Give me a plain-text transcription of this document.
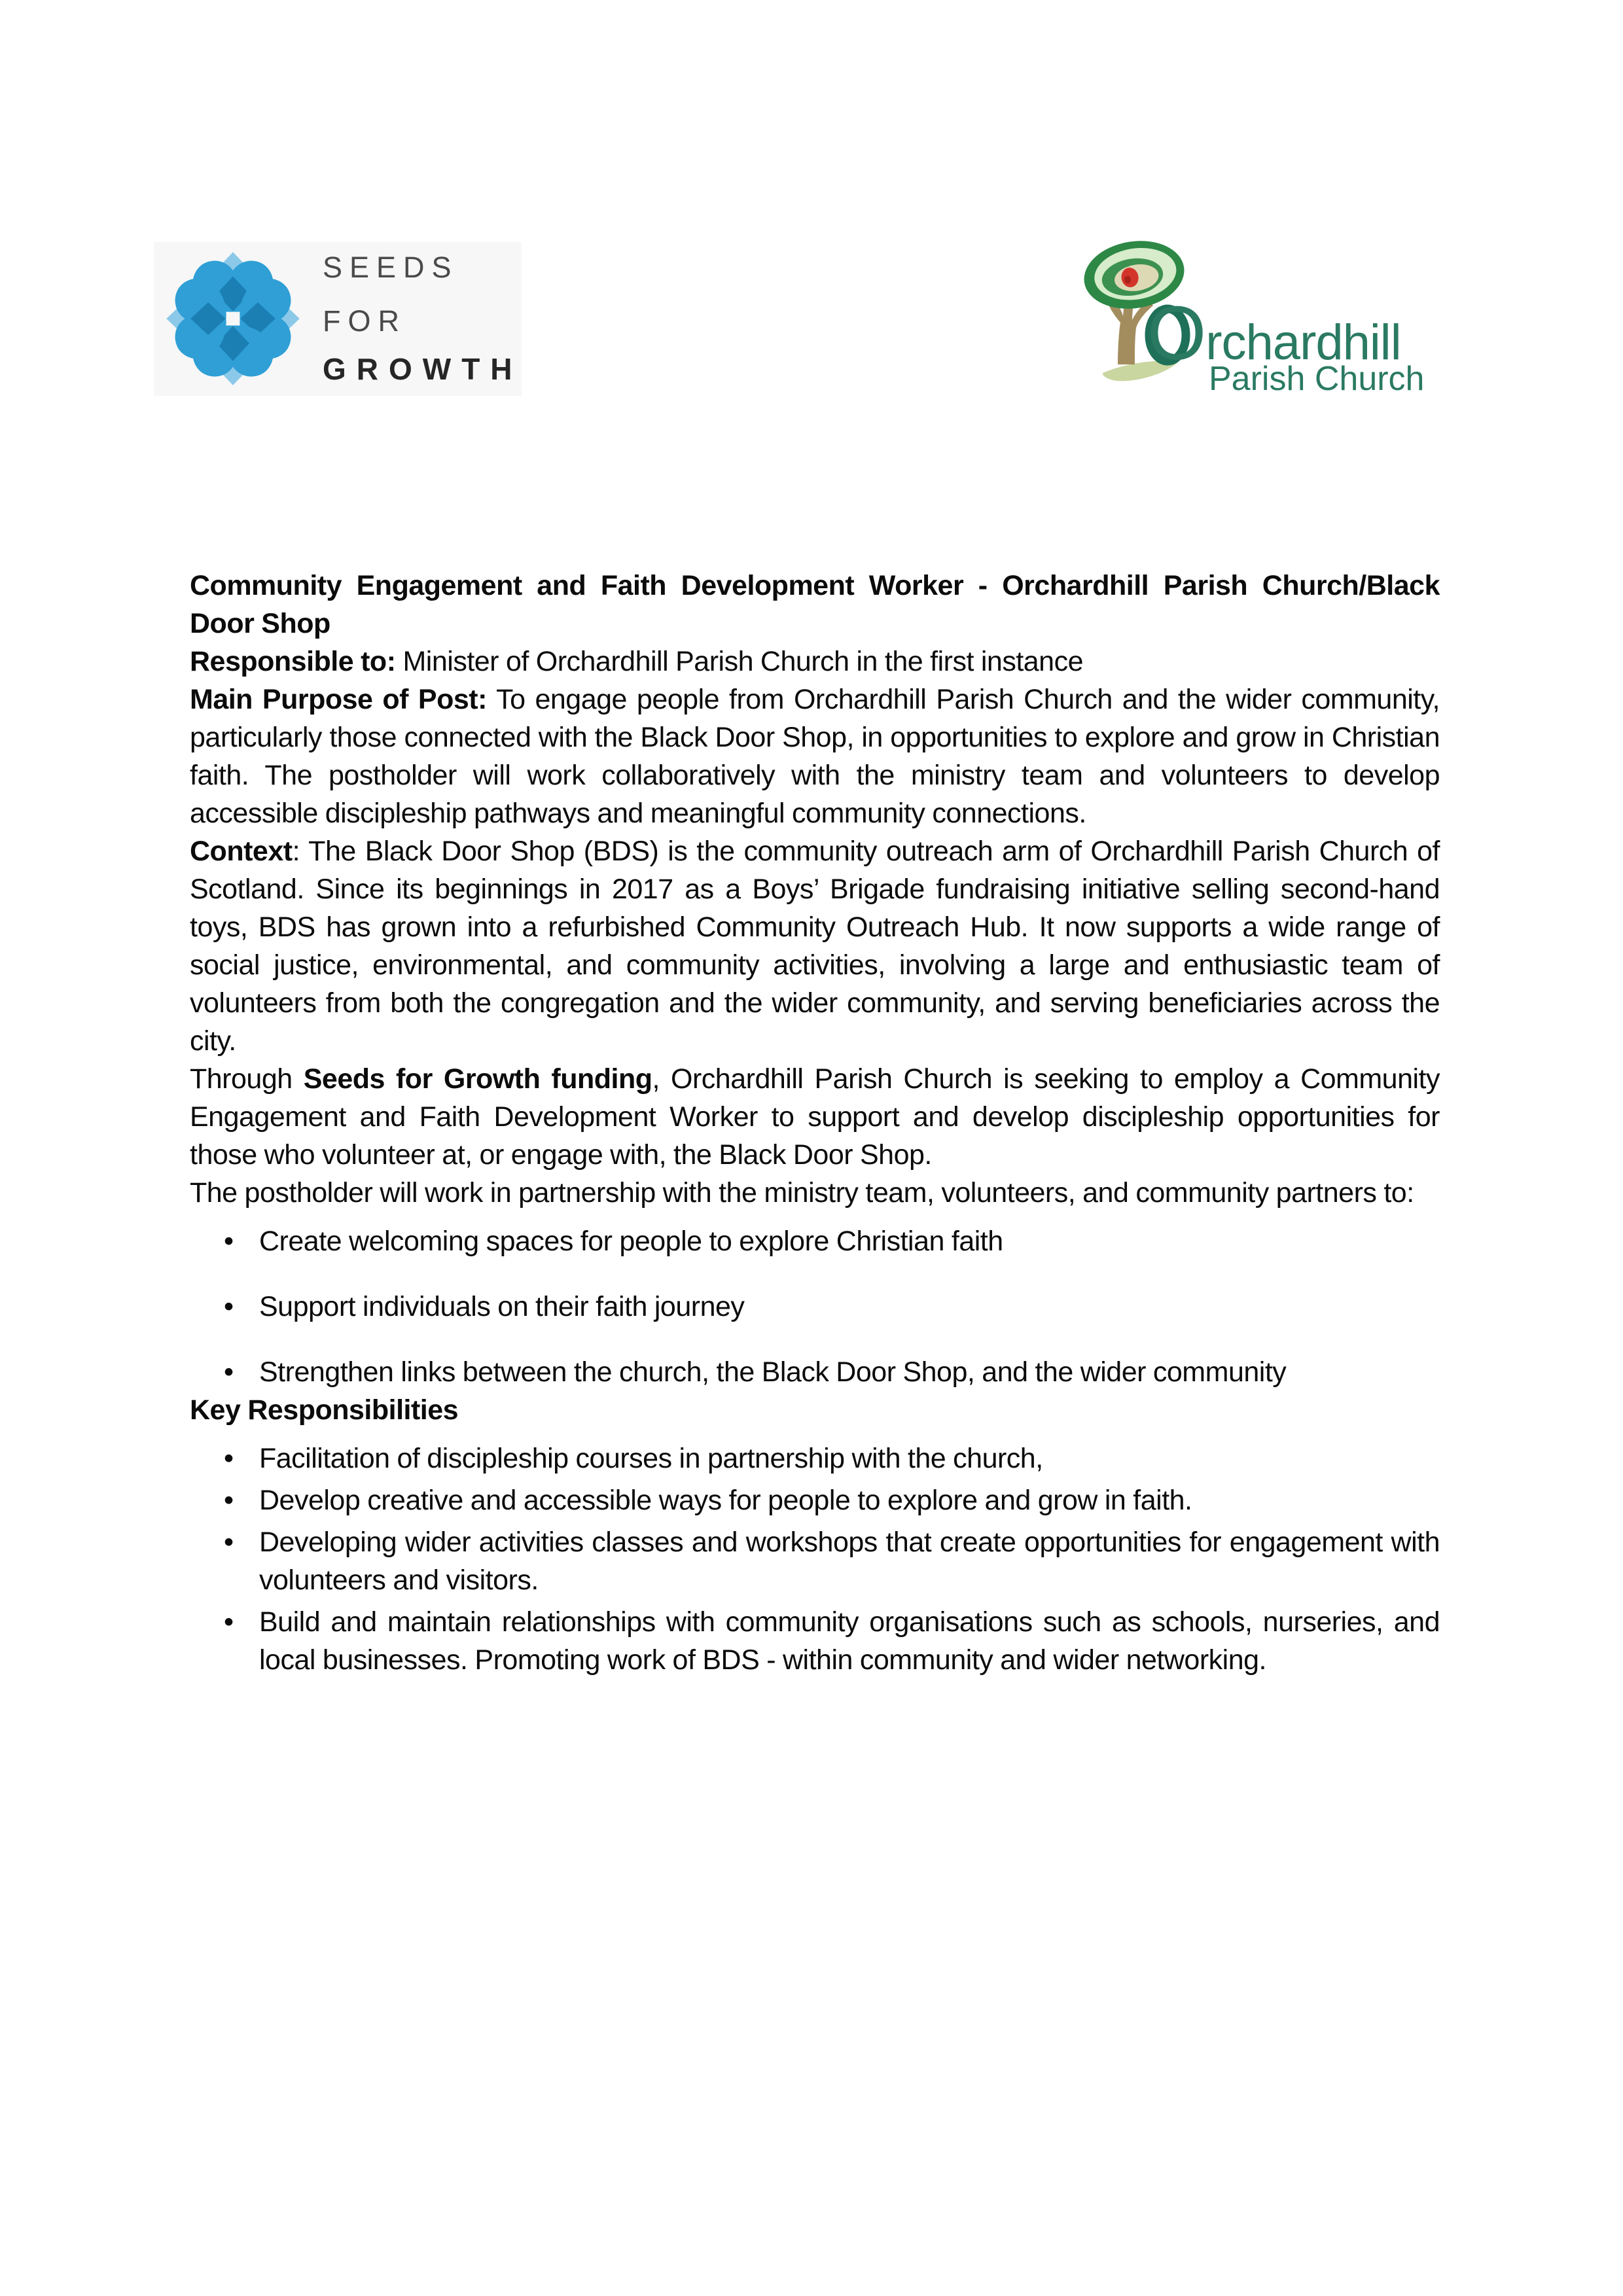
SEEDS
FOR
GROWTH	Orchardhill
Parish Church

Community Engagement and Faith Development Worker - Orchardhill Parish Church/Black Door Shop

Responsible to: Minister of Orchardhill Parish Church in the first instance

Main Purpose of Post: To engage people from Orchardhill Parish Church and the wider community, particularly those connected with the Black Door Shop, in opportunities to explore and grow in Christian faith. The postholder will work collaboratively with the ministry team and volunteers to develop accessible discipleship pathways and meaningful community connections.

Context: The Black Door Shop (BDS) is the community outreach arm of Orchardhill Parish Church of Scotland. Since its beginnings in 2017 as a Boys’ Brigade fundraising initiative selling second-hand toys, BDS has grown into a refurbished Community Outreach Hub. It now supports a wide range of social justice, environmental, and community activities, involving a large and enthusiastic team of volunteers from both the congregation and the wider community, and serving beneficiaries across the city.

Through Seeds for Growth funding, Orchardhill Parish Church is seeking to employ a Community Engagement and Faith Development Worker to support and develop discipleship opportunities for those who volunteer at, or engage with, the Black Door Shop.

The postholder will work in partnership with the ministry team, volunteers, and community partners to:

• Create welcoming spaces for people to explore Christian faith
• Support individuals on their faith journey
• Strengthen links between the church, the Black Door Shop, and the wider community

Key Responsibilities

• Facilitation of discipleship courses in partnership with the church,
• Develop creative and accessible ways for people to explore and grow in faith.
• Developing wider activities classes and workshops that create opportunities for engagement with volunteers and visitors.
• Build and maintain relationships with community organisations such as schools, nurseries, and local businesses. Promoting work of BDS - within community and wider networking.
